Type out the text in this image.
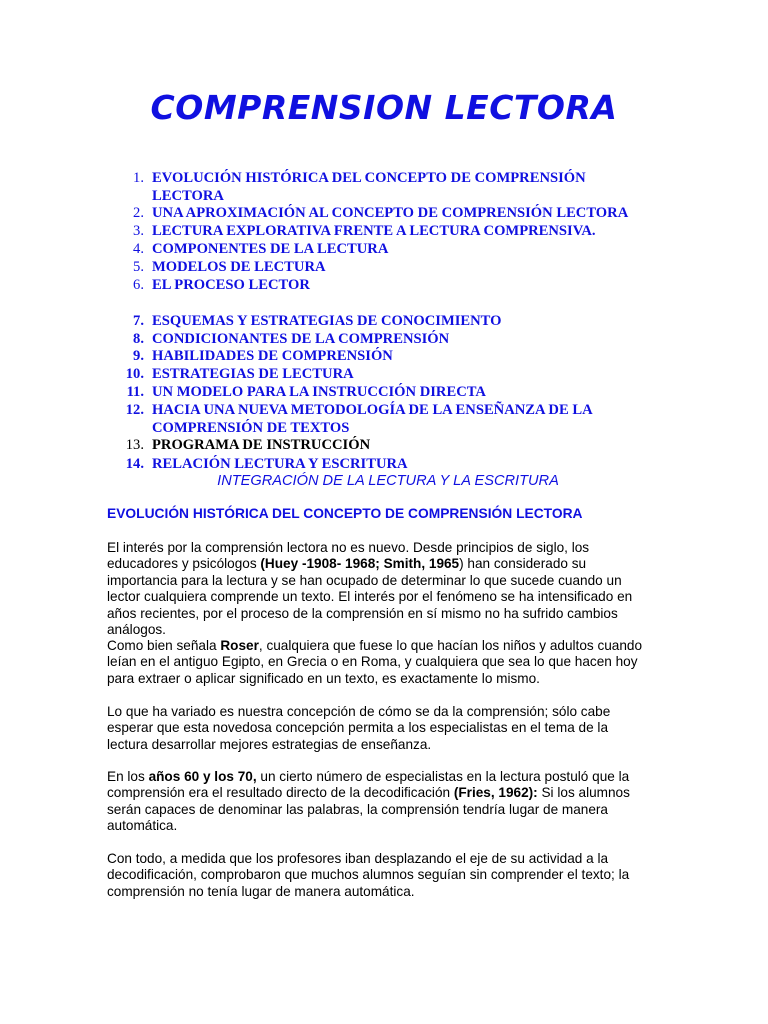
COMPRENSION LECTORA
1. EVOLUCIÓN HISTÓRICA DEL CONCEPTO DE COMPRENSIÓN
LECTORA
2. UNA APROXIMACIÓN AL CONCEPTO DE COMPRENSIÓN LECTORA
3. LECTURA EXPLORATIVA FRENTE A LECTURA COMPRENSIVA.
4. COMPONENTES DE LA LECTURA
5. MODELOS DE LECTURA
6. EL PROCESO LECTOR
7. ESQUEMAS Y ESTRATEGIAS DE CONOCIMIENTO
8. CONDICIONANTES DE LA COMPRENSIÓN
9. HABILIDADES DE COMPRENSIÓN
10. ESTRATEGIAS DE LECTURA
11. UN MODELO PARA LA INSTRUCCIÓN DIRECTA
12. HACIA UNA NUEVA METODOLOGÍA DE LA ENSEÑANZA DE LA
COMPRENSIÓN DE TEXTOS
13. PROGRAMA DE INSTRUCCIÓN
14. RELACIÓN LECTURA Y ESCRITURA

INTEGRACIÓN DE LA LECTURA Y LA ESCRITURA

EVOLUCIÓN HISTÓRICA DEL CONCEPTO DE COMPRENSIÓN LECTORA

El interés por la comprensión lectora no es nuevo. Desde principios de siglo, los educadores y psicólogos (Huey -1908- 1968; Smith, 1965) han considerado su importancia para la lectura y se han ocupado de determinar lo que sucede cuando un lector cualquiera comprende un texto. El interés por el fenómeno se ha intensificado en años recientes, por el proceso de la comprensión en sí mismo no ha sufrido cambios análogos.

Como bien señala Roser, cualquiera que fuese lo que hacían los niños y adultos cuando leían en el antiguo Egipto, en Grecia o en Roma, y cualquiera que sea lo que hacen hoy para extraer o aplicar significado en un texto, es exactamente lo mismo.

Lo que ha variado es nuestra concepción de cómo se da la comprensión; sólo cabe esperar que esta novedosa concepción permita a los especialistas en el tema de la lectura desarrollar mejores estrategias de enseñanza.

En los años 60 y los 70, un cierto número de especialistas en la lectura postuló que la comprensión era el resultado directo de la decodificación (Fries, 1962): Si los alumnos serán capaces de denominar las palabras, la comprensión tendría lugar de manera automática.

Con todo, a medida que los profesores iban desplazando el eje de su actividad a la decodificación, comprobaron que muchos alumnos seguían sin comprender el texto; la comprensión no tenía lugar de manera automática.
